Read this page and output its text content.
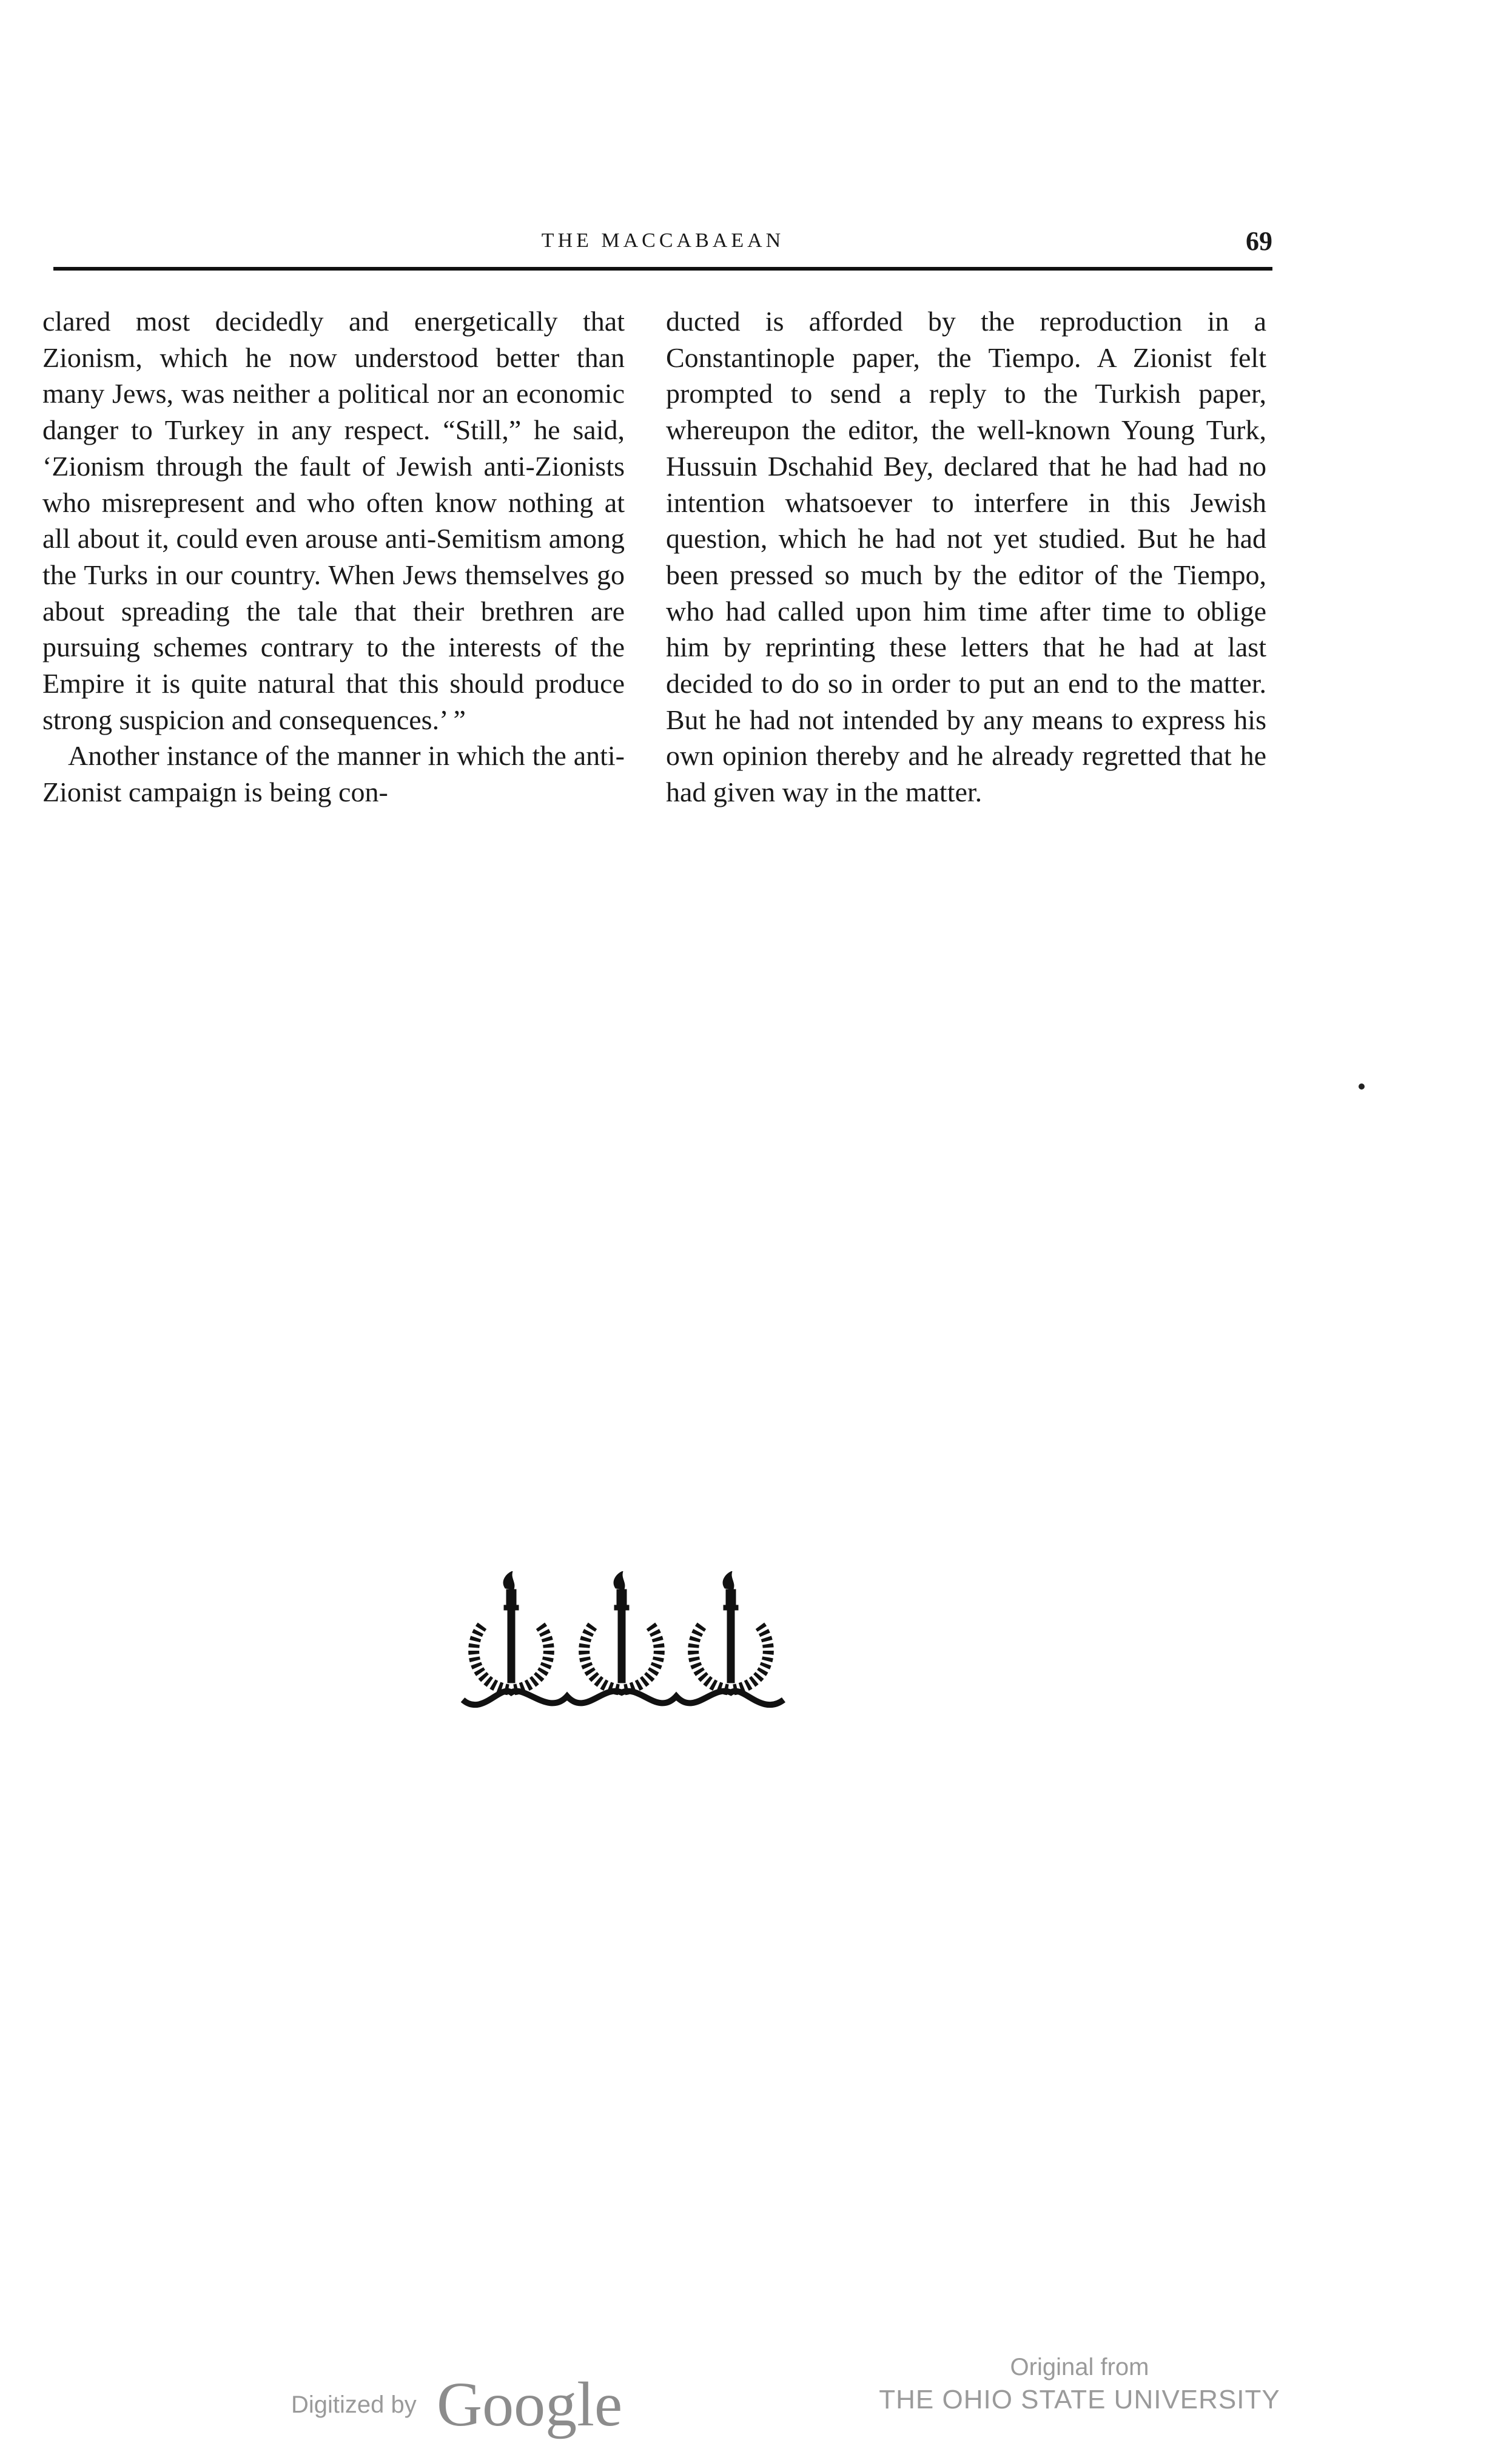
THE MACCABAEAN	69

clared most decidedly and energetically that Zionism, which he now understood better than many Jews, was neither a political nor an economic danger to Turkey in any respect. “Still,” he said, ‘Zionism through the fault of Jewish anti-Zionists who misrepresent and who often know nothing at all about it, could even arouse anti-Semitism among the Turks in our country. When Jews themselves go about spreading the tale that their brethren are pursuing schemes contrary to the interests of the Empire it is quite natural that this should produce strong suspicion and consequences.’ ”

Another instance of the manner in which the anti-Zionist campaign is being con-

ducted is afforded by the reproduction in a Constantinople paper, the Tiempo. A Zionist felt prompted to send a reply to the Turkish paper, whereupon the editor, the well-known Young Turk, Hussuin Dschahid Bey, declared that he had had no intention whatsoever to interfere in this Jewish question, which he had not yet studied. But he had been pressed so much by the editor of the Tiempo, who had called upon him time after time to oblige him by reprinting these letters that he had at last decided to do so in order to put an end to the matter. But he had not intended by any means to express his own opinion thereby and he already regretted that he had given way in the matter.

Digitized by Google
Original from
THE OHIO STATE UNIVERSITY
